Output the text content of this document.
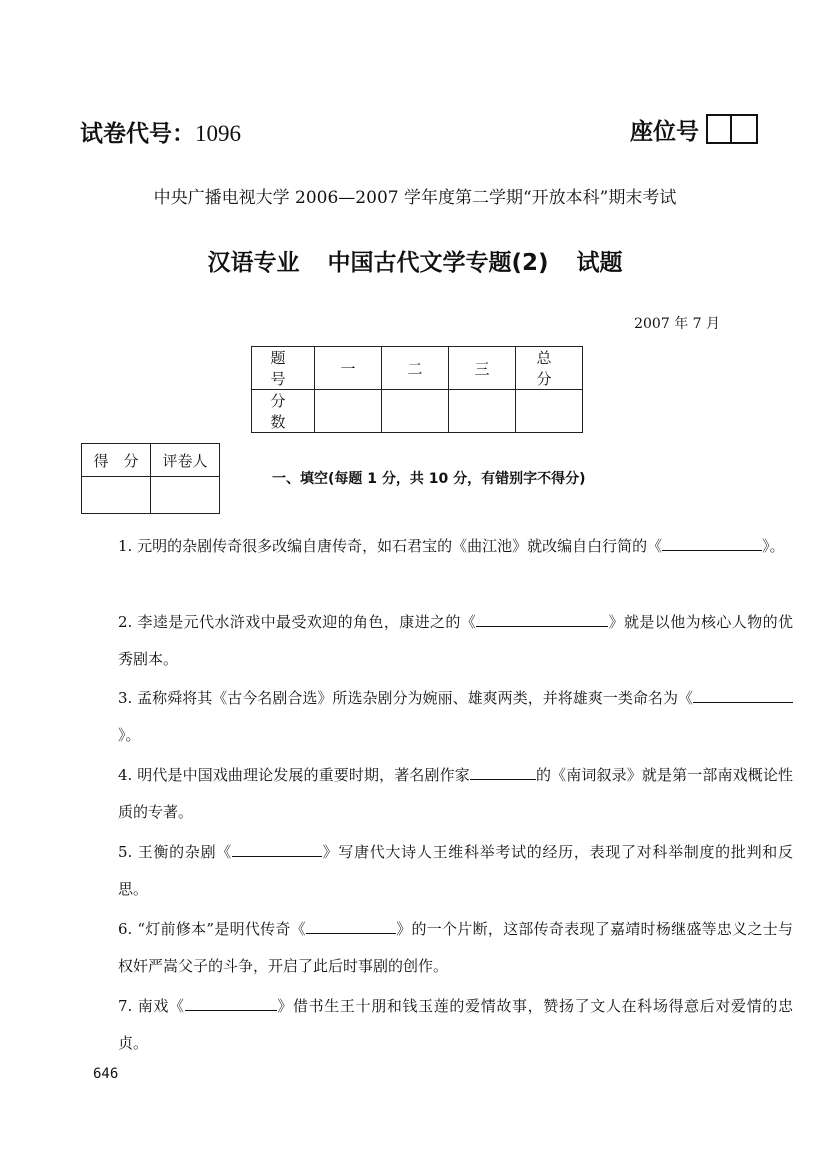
试卷代号：1096	座位号
中央广播电视大学 2006—2007 学年度第二学期“开放本科”期末考试
汉语专业 中国古代文学专题(2) 试题
2007 年 7 月
题　号	一	二	三	总　分
分　数				
得　分	评卷人

一、填空(每题 1 分，共 10 分，有错别字不得分)
1. 元明的杂剧传奇很多改编自唐传奇，如石君宝的《曲江池》就改编自白行简的《	》。
2. 李逵是元代水浒戏中最受欢迎的角色，康进之的《	》就是以他为核心人物的优秀剧本。
3. 孟称舜将其《古今名剧合选》所选杂剧分为婉丽、雄爽两类，并将雄爽一类命名为《》。
4. 明代是中国戏曲理论发展的重要时期，著名剧作家	的《南词叙录》就是第一部南戏概论性质的专著。
5. 王衡的杂剧《	》写唐代大诗人王维科举考试的经历，表现了对科举制度的批判和反思。
6. “灯前修本”是明代传奇《	》的一个片断，这部传奇表现了嘉靖时杨继盛等忠义之士与权奸严嵩父子的斗争，开启了此后时事剧的创作。
7. 南戏《	》借书生王十朋和钱玉莲的爱情故事，赞扬了文人在科场得意后对爱情的忠贞。
646
